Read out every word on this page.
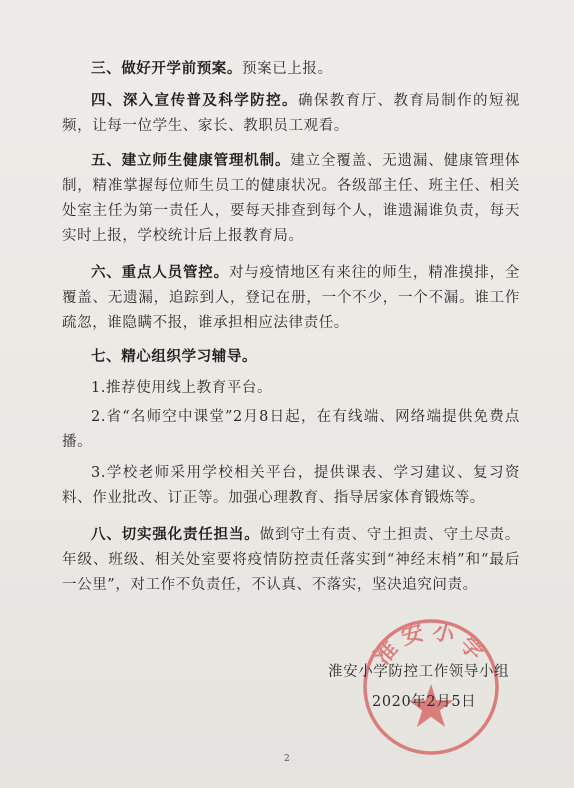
三、做好开学前预案。预案已上报。

四、深入宣传普及科学防控。确保教育厅、教育局制作的短视频，让每一位学生、家长、教职员工观看。

五、建立师生健康管理机制。建立全覆盖、无遗漏、健康管理体制，精准掌握每位师生员工的健康状况。各级部主任、班主任、相关处室主任为第一责任人，要每天排查到每个人，谁遗漏谁负责，每天实时上报，学校统计后上报教育局。

六、重点人员管控。对与疫情地区有来往的师生，精准摸排，全覆盖、无遗漏，追踪到人，登记在册，一个不少，一个不漏。谁工作疏忽，谁隐瞒不报，谁承担相应法律责任。

七、精心组织学习辅导。

1.推荐使用线上教育平台。

2.省“名师空中课堂”2月8日起，在有线端、网络端提供免费点播。

3.学校老师采用学校相关平台，提供课表、学习建议、复习资料、作业批改、订正等。加强心理教育、指导居家体育锻炼等。

八、切实强化责任担当。做到守土有责、守土担责、守土尽责。年级、班级、相关处室要将疫情防控责任落实到“神经末梢”和“最后一公里”，对工作不负责任，不认真、不落实，坚决追究问责。

淮安小学
淮安小学防控工作领导小组
2020年2月5日
2
